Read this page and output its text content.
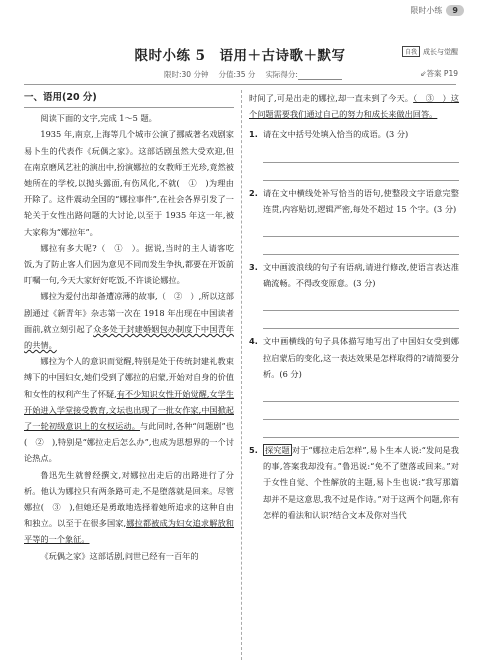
限时小练	9
限时小练 5　语用＋古诗歌＋默写	自我 成长与觉醒
限时:30 分钟 分值:35 分 实际得分:	⇙答案 P19
一、语用(20 分)
阅读下面的文字,完成 1～5 题。
1935 年,南京,上海等几个城市公演了挪威著名戏剧家易卜生的代表作《玩偶之家》。这部话剧虽然大受欢迎,但在南京磨风艺社的演出中,扮演娜拉的女教师王光珍,竟然被她所在的学校,以抛头露面,有伤风化,不就(　①　)为理由开除了。这件震动全国的“娜拉事件”,在社会各界引发了一轮关于女性出路问题的大讨论,以至于 1935 年这一年,被大家称为“娜拉年”。
娜拉有多大呢?（　①　）。据说,当时的主人请客吃饭,为了防止客人们因为意见不同而发生争执,都要在开饭前叮嘱一句,今天大家好好吃饭,不许谈论娜拉。
娜拉为爱付出却备遭凉薄的故事,（　②　）,所以这部剧通过《新青年》杂志第一次在 1918 年出现在中国读者面前,就立刻引起了众多处于封建婚姻包办制度下中国青年的共情。
娜拉为个人的意识而觉醒,特别是处于传统封建礼教束缚下的中国妇女,她们受到了娜拉的启蒙,开始对自身的价值和女性的权利产生了怀疑,有不少知识女性开始觉醒,女学生开始进入学堂接受教育,文坛也出现了一批女作家,中国掀起了一轮初级意识上的女权运动。与此同时,各种“问题剧”也(　②　),特别是“娜拉走后怎么办”,也成为思想界的一个讨论热点。
鲁迅先生就曾经撰文,对娜拉出走后的出路进行了分析。他认为娜拉只有两条路可走,不是堕落就是回来。尽管娜拉(　③　),但她还是勇敢地选择着她所追求的这种自由和独立。以至于在很多国家,娜拉都被成为妇女追求解放和平等的一个象征。
《玩偶之家》这部话剧,问世已经有一百年的
时间了,可是出走的娜拉,却一直未到了今天。（　③　）这个问题需要我们通过自己的努力和成长来做出回答。
1. 请在文中括号处填入恰当的成语。(3 分)
2. 请在文中横线处补写恰当的语句,使整段文字语意完整连贯,内容贴切,逻辑严密,每处不超过 15 个字。(3 分)
3. 文中画波浪线的句子有语病,请进行修改,使语言表达准确流畅。不得改变原意。(3 分)
4. 文中画横线的句子具体描写地写出了中国妇女受到娜拉启蒙后的变化,这一表达效果是怎样取得的?请简要分析。(6 分)
5. 探究题 对于“娜拉走后怎样”,易卜生本人说:“发问是我的事,答案我却没有。”鲁迅说:“免不了堕落或回来。”对于女性自觉、个性解放的主题,易卜生也说:“我写那篇却并不是这意思,我不过是作诗。”对于这两个问题,你有怎样的看法和认识?结合文本及你对当代
